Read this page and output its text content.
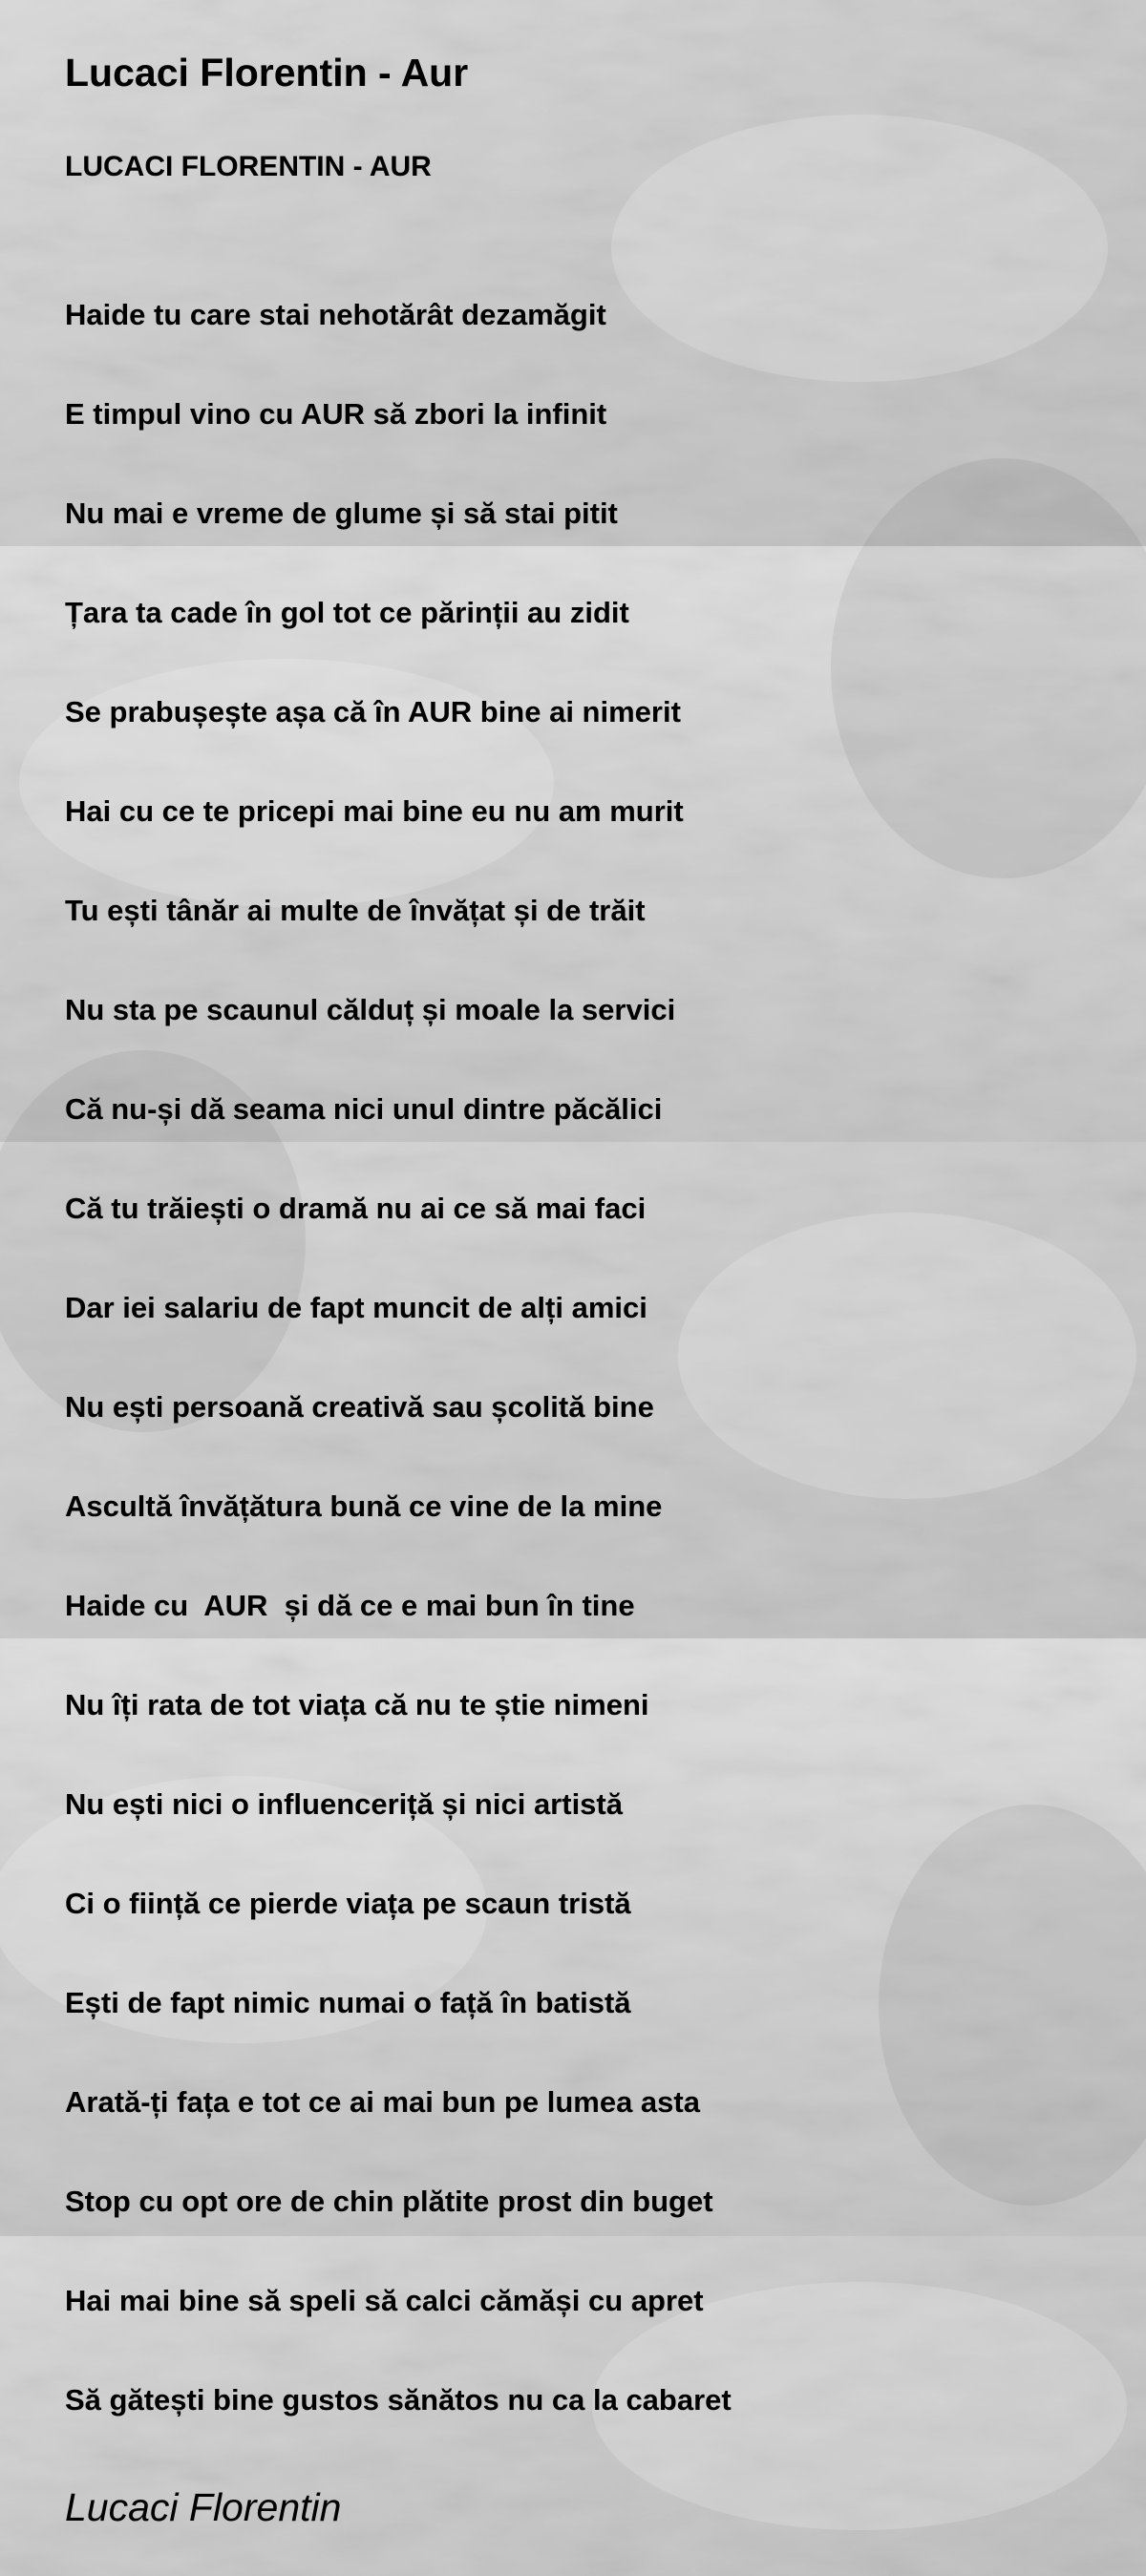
Lucaci Florentin - Aur
LUCACI FLORENTIN - AUR
Haide tu care stai nehotărât dezamăgit
E timpul vino cu AUR să zbori la infinit
Nu mai e vreme de glume și să stai pitit
Țara ta cade în gol tot ce părinții au zidit
Se prabușește așa că în AUR bine ai nimerit
Hai cu ce te pricepi mai bine eu nu am murit
Tu ești tânăr ai multe de învățat și de trăit
Nu sta pe scaunul călduț și moale la servici
Că nu-și dă seama nici unul dintre păcălici
Că tu trăiești o dramă nu ai ce să mai faci
Dar iei salariu de fapt muncit de alți amici
Nu ești persoană creativă sau școlită bine
Ascultă învățătura bună ce vine de la mine
Haide cu  AUR  și dă ce e mai bun în tine
Nu îți rata de tot viața că nu te știe nimeni
Nu ești nici o influenceriță și nici artistă
Ci o ființă ce pierde viața pe scaun tristă
Ești de fapt nimic numai o față în batistă
Arată-ți fața e tot ce ai mai bun pe lumea asta
Stop cu opt ore de chin plătite prost din buget
Hai mai bine să speli să calci cămăși cu apret
Să gătești bine gustos sănătos nu ca la cabaret

Lucaci Florentin
